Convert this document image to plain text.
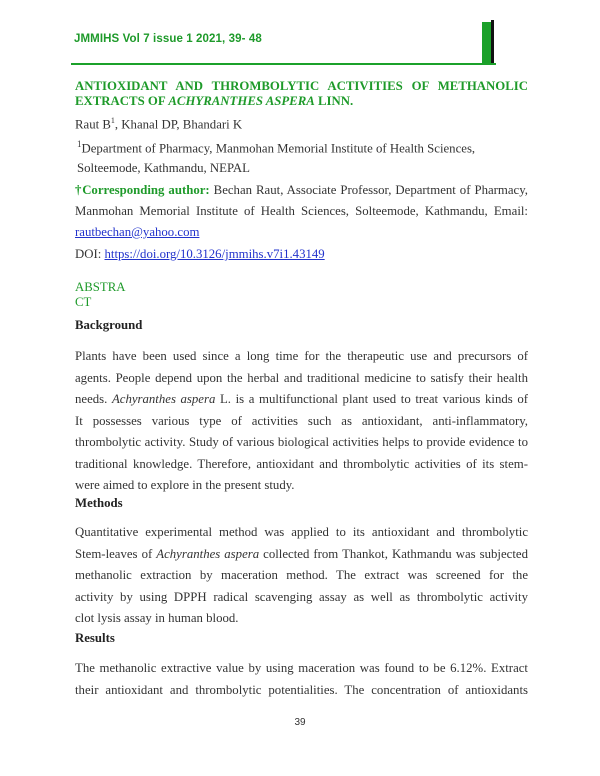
JMMIHS Vol 7 issue 1 2021, 39- 48
ANTIOXIDANT AND THROMBOLYTIC ACTIVITIES OF METHANOLIC
EXTRACTS OF ACHYRANTHES ASPERA LINN.
Raut $B^1$, Khanal DP, Bhandari K
$^1$Department of Pharmacy, Manmohan Memorial Institute of Health Sciences,
Solteemode, Kathmandu, NEPAL
†Corresponding author: Bechan Raut, Associate Professor, Department of Pharmacy,
Manmohan Memorial Institute of Health Sciences, Solteemode, Kathmandu, Email:
rautbechan@yahoo.com
DOI: https://doi.org/10.3126/jmmihs.v7i1.43149
ABSTRA
CT
Background
Plants have been used since a long time for the therapeutic use and precursors of
agents. People depend upon the herbal and traditional medicine to satisfy their health
needs. Achyranthes aspera L. is a multifunctional plant used to treat various kinds of
It possesses various type of activities such as antioxidant, anti-inflammatory,
thrombolytic activity. Study of various biological activities helps to provide evidence to
traditional knowledge. Therefore, antioxidant and thrombolytic activities of its stem-
were aimed to explore in the present study.
Methods
Quantitative experimental method was applied to its antioxidant and thrombolytic
Stem-leaves of Achyranthes aspera collected from Thankot, Kathmandu was subjected
methanolic extraction by maceration method. The extract was screened for the
activity by using DPPH radical scavenging assay as well as thrombolytic activity
clot lysis assay in human blood.
Results
The methanolic extractive value by using maceration was found to be 6.12%. Extract
their antioxidant and thrombolytic potentialities. The concentration of antioxidants
39
